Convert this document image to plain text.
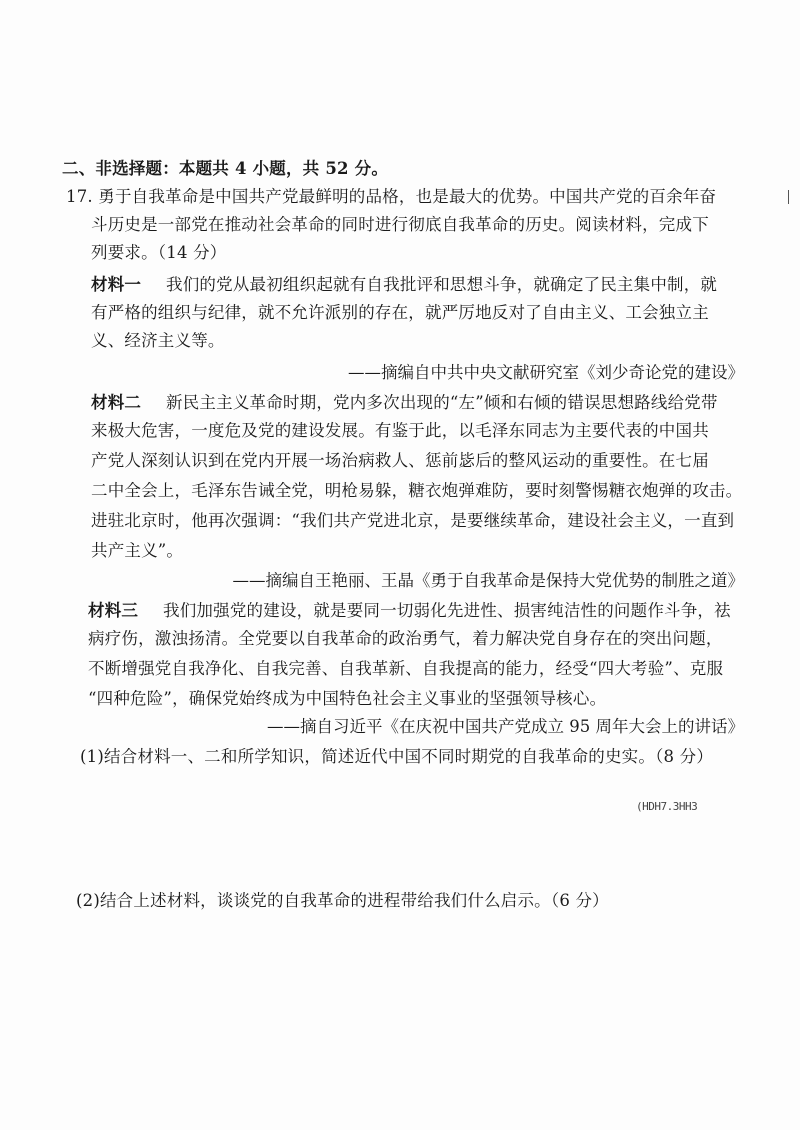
二、非选择题：本题共 4 小题，共 52 分。
17. 勇于自我革命是中国共产党最鲜明的品格，也是最大的优势。中国共产党的百余年奋
斗历史是一部党在推动社会革命的同时进行彻底自我革命的历史。阅读材料，完成下
列要求。（14 分）
材料一 我们的党从最初组织起就有自我批评和思想斗争，就确定了民主集中制，就
有严格的组织与纪律，就不允许派别的存在，就严厉地反对了自由主义、工会独立主
义、经济主义等。
——摘编自中共中央文献研究室《刘少奇论党的建设》
材料二 新民主主义革命时期，党内多次出现的“左”倾和右倾的错误思想路线给党带
来极大危害，一度危及党的建设发展。有鉴于此，以毛泽东同志为主要代表的中国共
产党人深刻认识到在党内开展一场治病救人、惩前毖后的整风运动的重要性。在七届
二中全会上，毛泽东告诫全党，明枪易躲，糖衣炮弹难防，要时刻警惕糖衣炮弹的攻击。
进驻北京时，他再次强调：“我们共产党进北京，是要继续革命，建设社会主义，一直到
共产主义”。
——摘编自王艳丽、王晶《勇于自我革命是保持大党优势的制胜之道》
材料三 我们加强党的建设，就是要同一切弱化先进性、损害纯洁性的问题作斗争，祛
病疗伤，激浊扬清。全党要以自我革命的政治勇气，着力解决党自身存在的突出问题，
不断增强党自我净化、自我完善、自我革新、自我提高的能力，经受“四大考验”、克服
“四种危险”，确保党始终成为中国特色社会主义事业的坚强领导核心。
——摘自习近平《在庆祝中国共产党成立 95 周年大会上的讲话》
(1)结合材料一、二和所学知识，简述近代中国不同时期党的自我革命的史实。（8 分）
(HDH7.3HH3
(2)结合上述材料，谈谈党的自我革命的进程带给我们什么启示。（6 分）
